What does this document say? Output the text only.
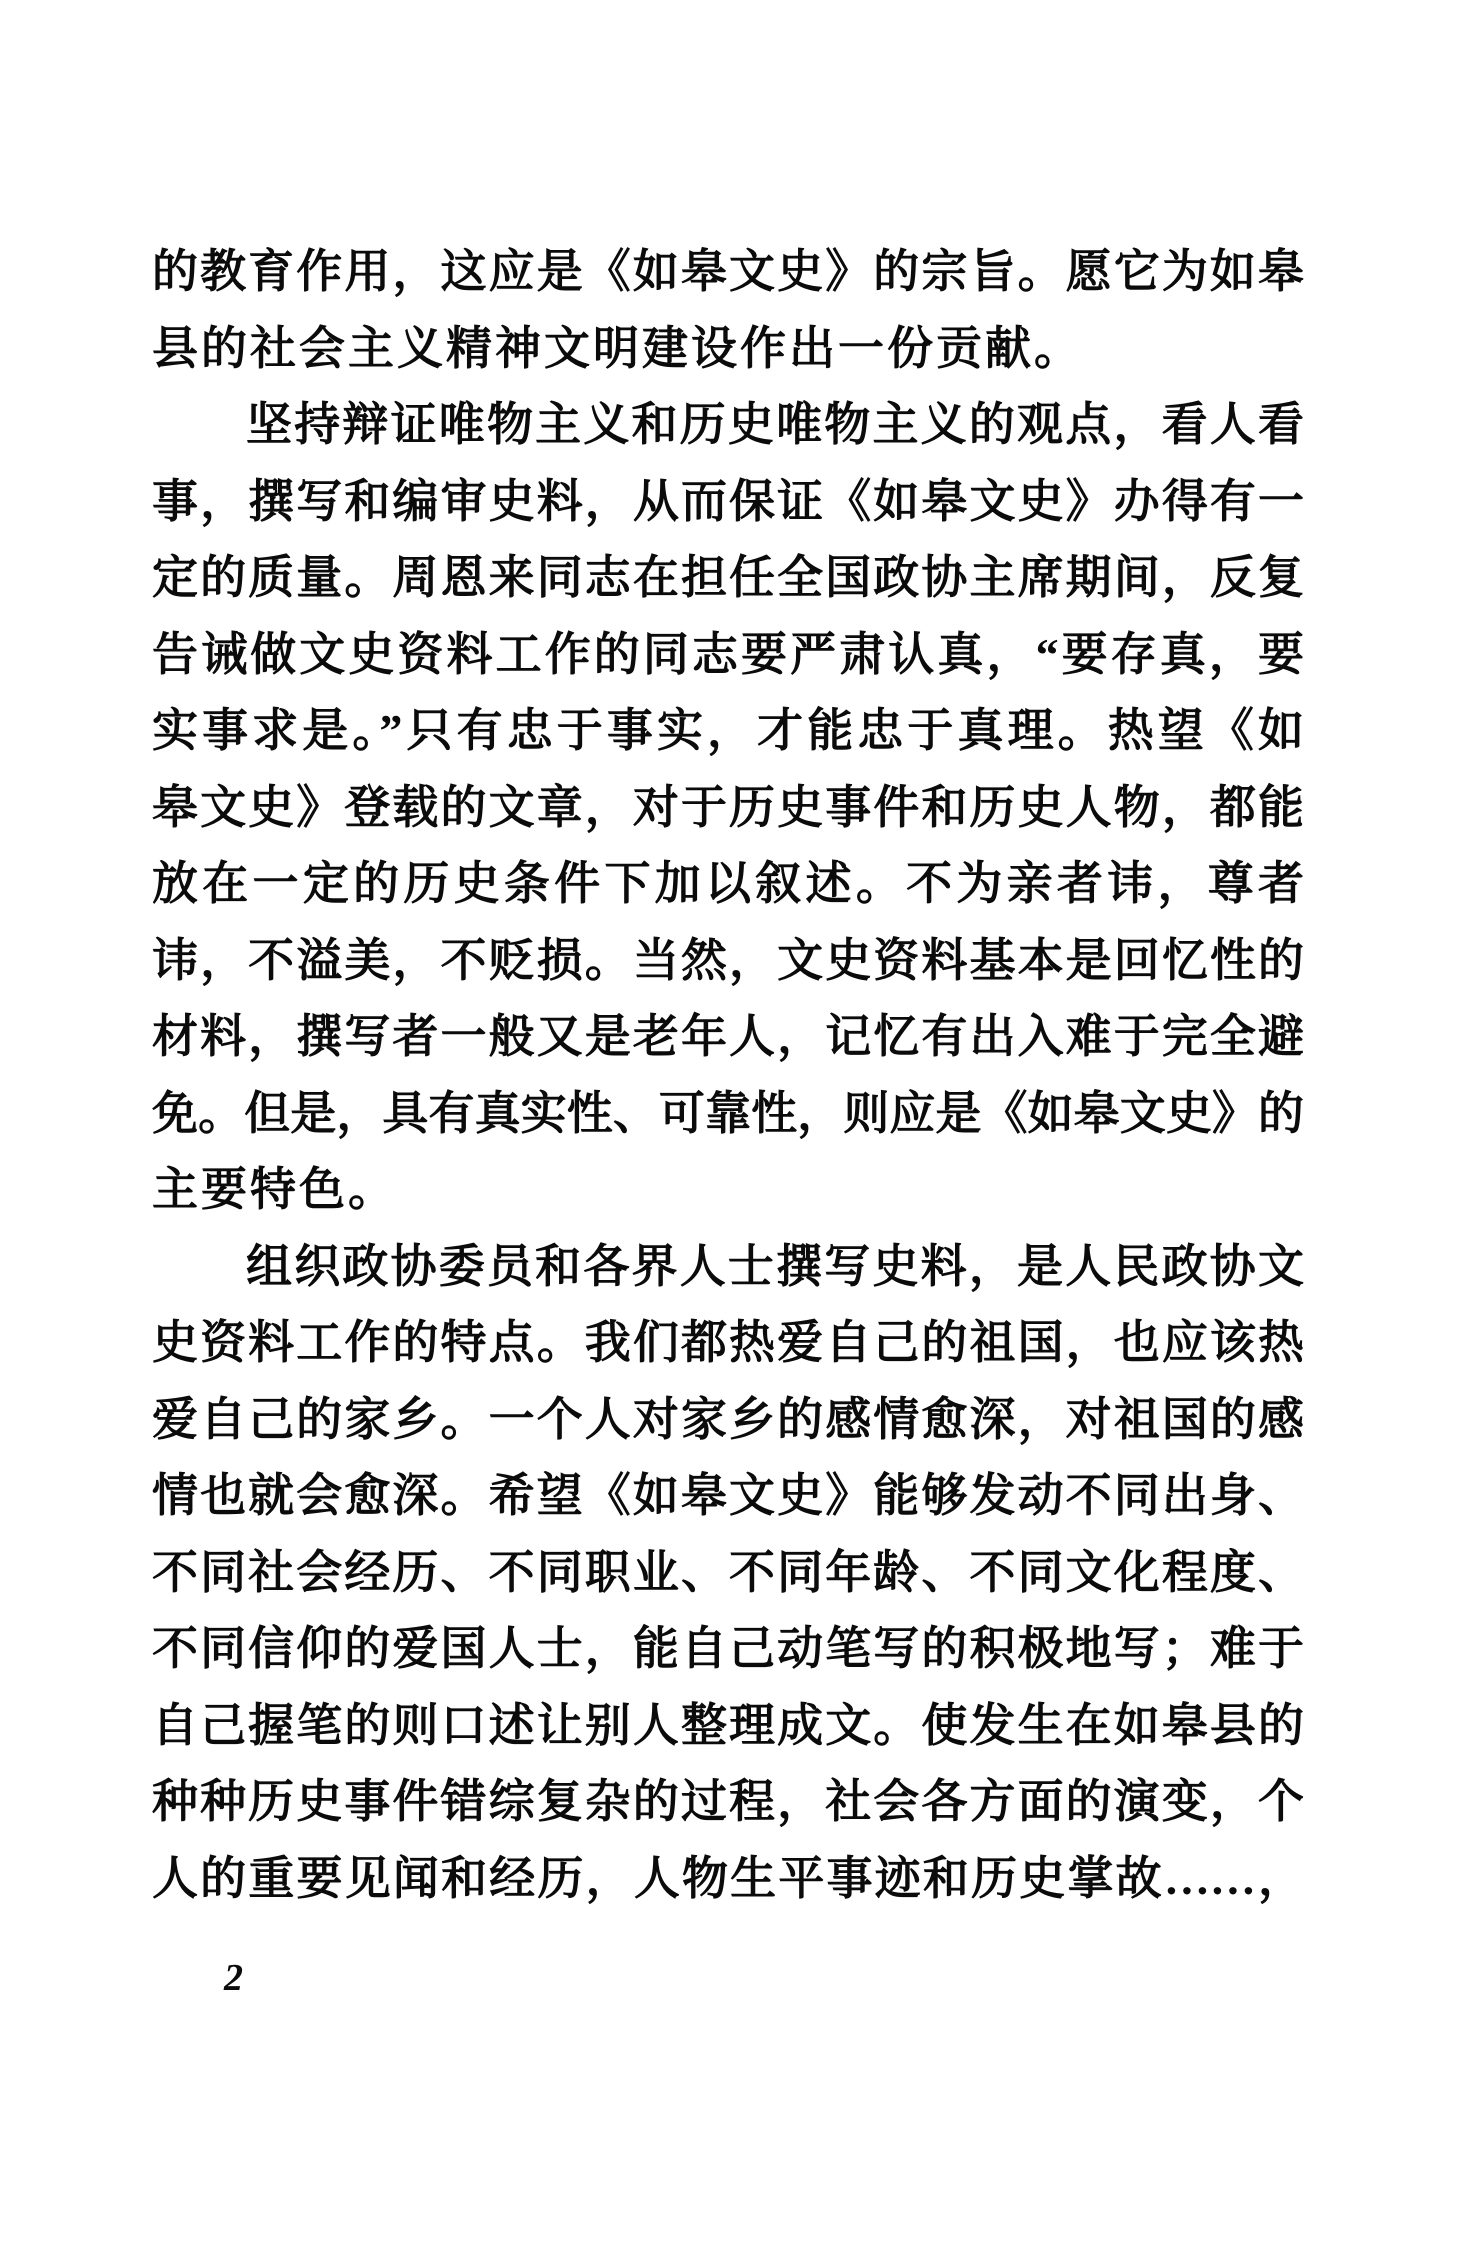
的教育作用，这应是《如皋文史》的宗旨。愿它为如皋
县的社会主义精神文明建设作出一份贡献。
坚持辩证唯物主义和历史唯物主义的观点，看人看
事，撰写和编审史料，从而保证《如皋文史》办得有一
定的质量。周恩来同志在担任全国政协主席期间，反复
告诫做文史资料工作的同志要严肃认真，“要存真，要
实事求是。”只有忠于事实，才能忠于真理。热望《如
皋文史》登载的文章，对于历史事件和历史人物，都能
放在一定的历史条件下加以叙述。不为亲者讳，尊者
讳，不溢美，不贬损。当然，文史资料基本是回忆性的
材料，撰写者一般又是老年人，记忆有出入难于完全避
免。但是，具有真实性、可靠性，则应是《如皋文史》的
主要特色。
组织政协委员和各界人士撰写史料，是人民政协文
史资料工作的特点。我们都热爱自己的祖国，也应该热
爱自己的家乡。一个人对家乡的感情愈深，对祖国的感
情也就会愈深。希望《如皋文史》能够发动不同出身、
不同社会经历、不同职业、不同年龄、不同文化程度、
不同信仰的爱国人士，能自己动笔写的积极地写；难于
自己握笔的则口述让别人整理成文。使发生在如皋县的
种种历史事件错综复杂的过程，社会各方面的演变，个
人的重要见闻和经历，人物生平事迹和历史掌故……，
2
